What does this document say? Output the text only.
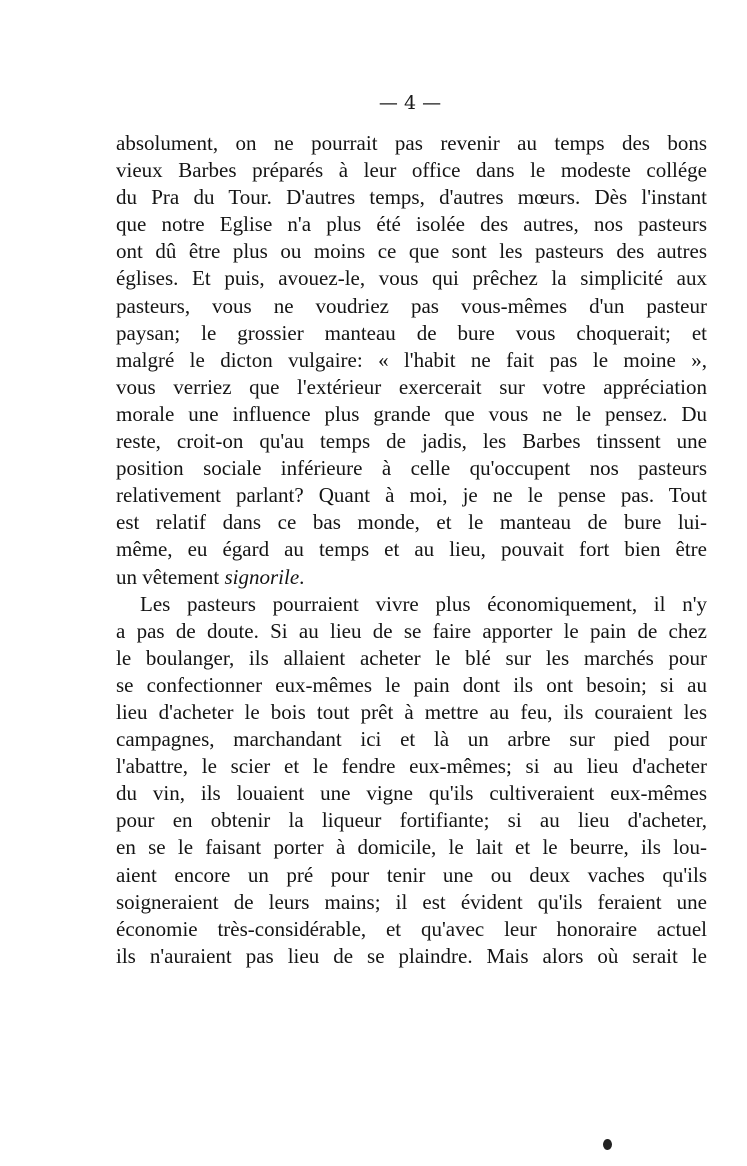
— 4 —
absolument, on ne pourrait pas revenir au temps des bons
vieux Barbes préparés à leur office dans le modeste collége
du Pra du Tour. D'autres temps, d'autres mœurs. Dès l'instant
que notre Eglise n'a plus été isolée des autres, nos pasteurs
ont dû être plus ou moins ce que sont les pasteurs des autres
églises. Et puis, avouez-le, vous qui prêchez la simplicité aux
pasteurs, vous ne voudriez pas vous-mêmes d'un pasteur
paysan; le grossier manteau de bure vous choquerait; et
malgré le dicton vulgaire: « l'habit ne fait pas le moine »,
vous verriez que l'extérieur exercerait sur votre appréciation
morale une influence plus grande que vous ne le pensez. Du
reste, croit-on qu'au temps de jadis, les Barbes tinssent une
position sociale inférieure à celle qu'occupent nos pasteurs
relativement parlant? Quant à moi, je ne le pense pas. Tout
est relatif dans ce bas monde, et le manteau de bure lui-
même, eu égard au temps et au lieu, pouvait fort bien être
un vêtement signorile.
Les pasteurs pourraient vivre plus économiquement, il n'y
a pas de doute. Si au lieu de se faire apporter le pain de chez
le boulanger, ils allaient acheter le blé sur les marchés pour
se confectionner eux-mêmes le pain dont ils ont besoin; si au
lieu d'acheter le bois tout prêt à mettre au feu, ils couraient les
campagnes, marchandant ici et là un arbre sur pied pour
l'abattre, le scier et le fendre eux-mêmes; si au lieu d'acheter
du vin, ils louaient une vigne qu'ils cultiveraient eux-mêmes
pour en obtenir la liqueur fortifiante; si au lieu d'acheter,
en se le faisant porter à domicile, le lait et le beurre, ils lou-
aient encore un pré pour tenir une ou deux vaches qu'ils
soigneraient de leurs mains; il est évident qu'ils feraient une
économie très-considérable, et qu'avec leur honoraire actuel
ils n'auraient pas lieu de se plaindre. Mais alors où serait le
